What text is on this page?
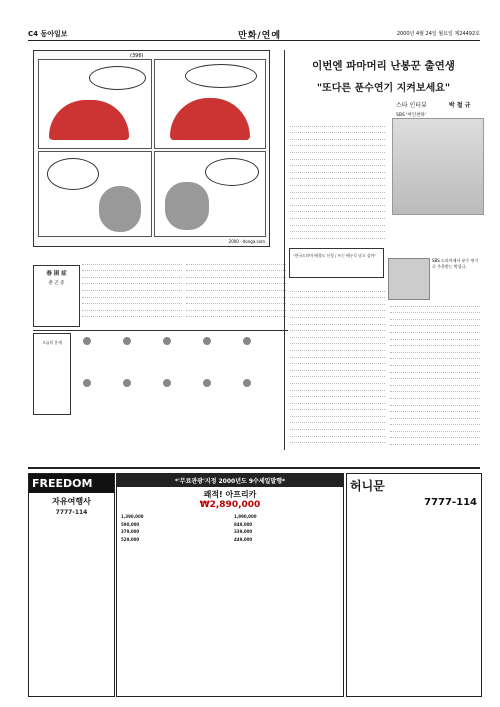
C4 동아일보	만화/연예	2000년 4월 24일 월요일 제24492호
(396)
2000 · donga.com
이번엔 파마머리 난봉꾼 출연생
"또다른 푼수연기 지켜보세요"
스타 인터뷰	박 철 규
SBS '여인천하'
SBS 드라마에서 푼수 연기로 주목받는 박철규.
"한국드라마 배경도 신경 / 쓰는 배우로 남고 싶어"
春 困 症
춘 곤 증
오늘의 운세
FREEDOM
자유여행사
7777-114
*'무료관광'지정 2000년도 9수세일발행*
쾌적! 아프리카
₩2,890,000
1,390,000	1,990,000
590,000	849,000
379,000	339,000
529,000	449,000
허니문
7777-114
